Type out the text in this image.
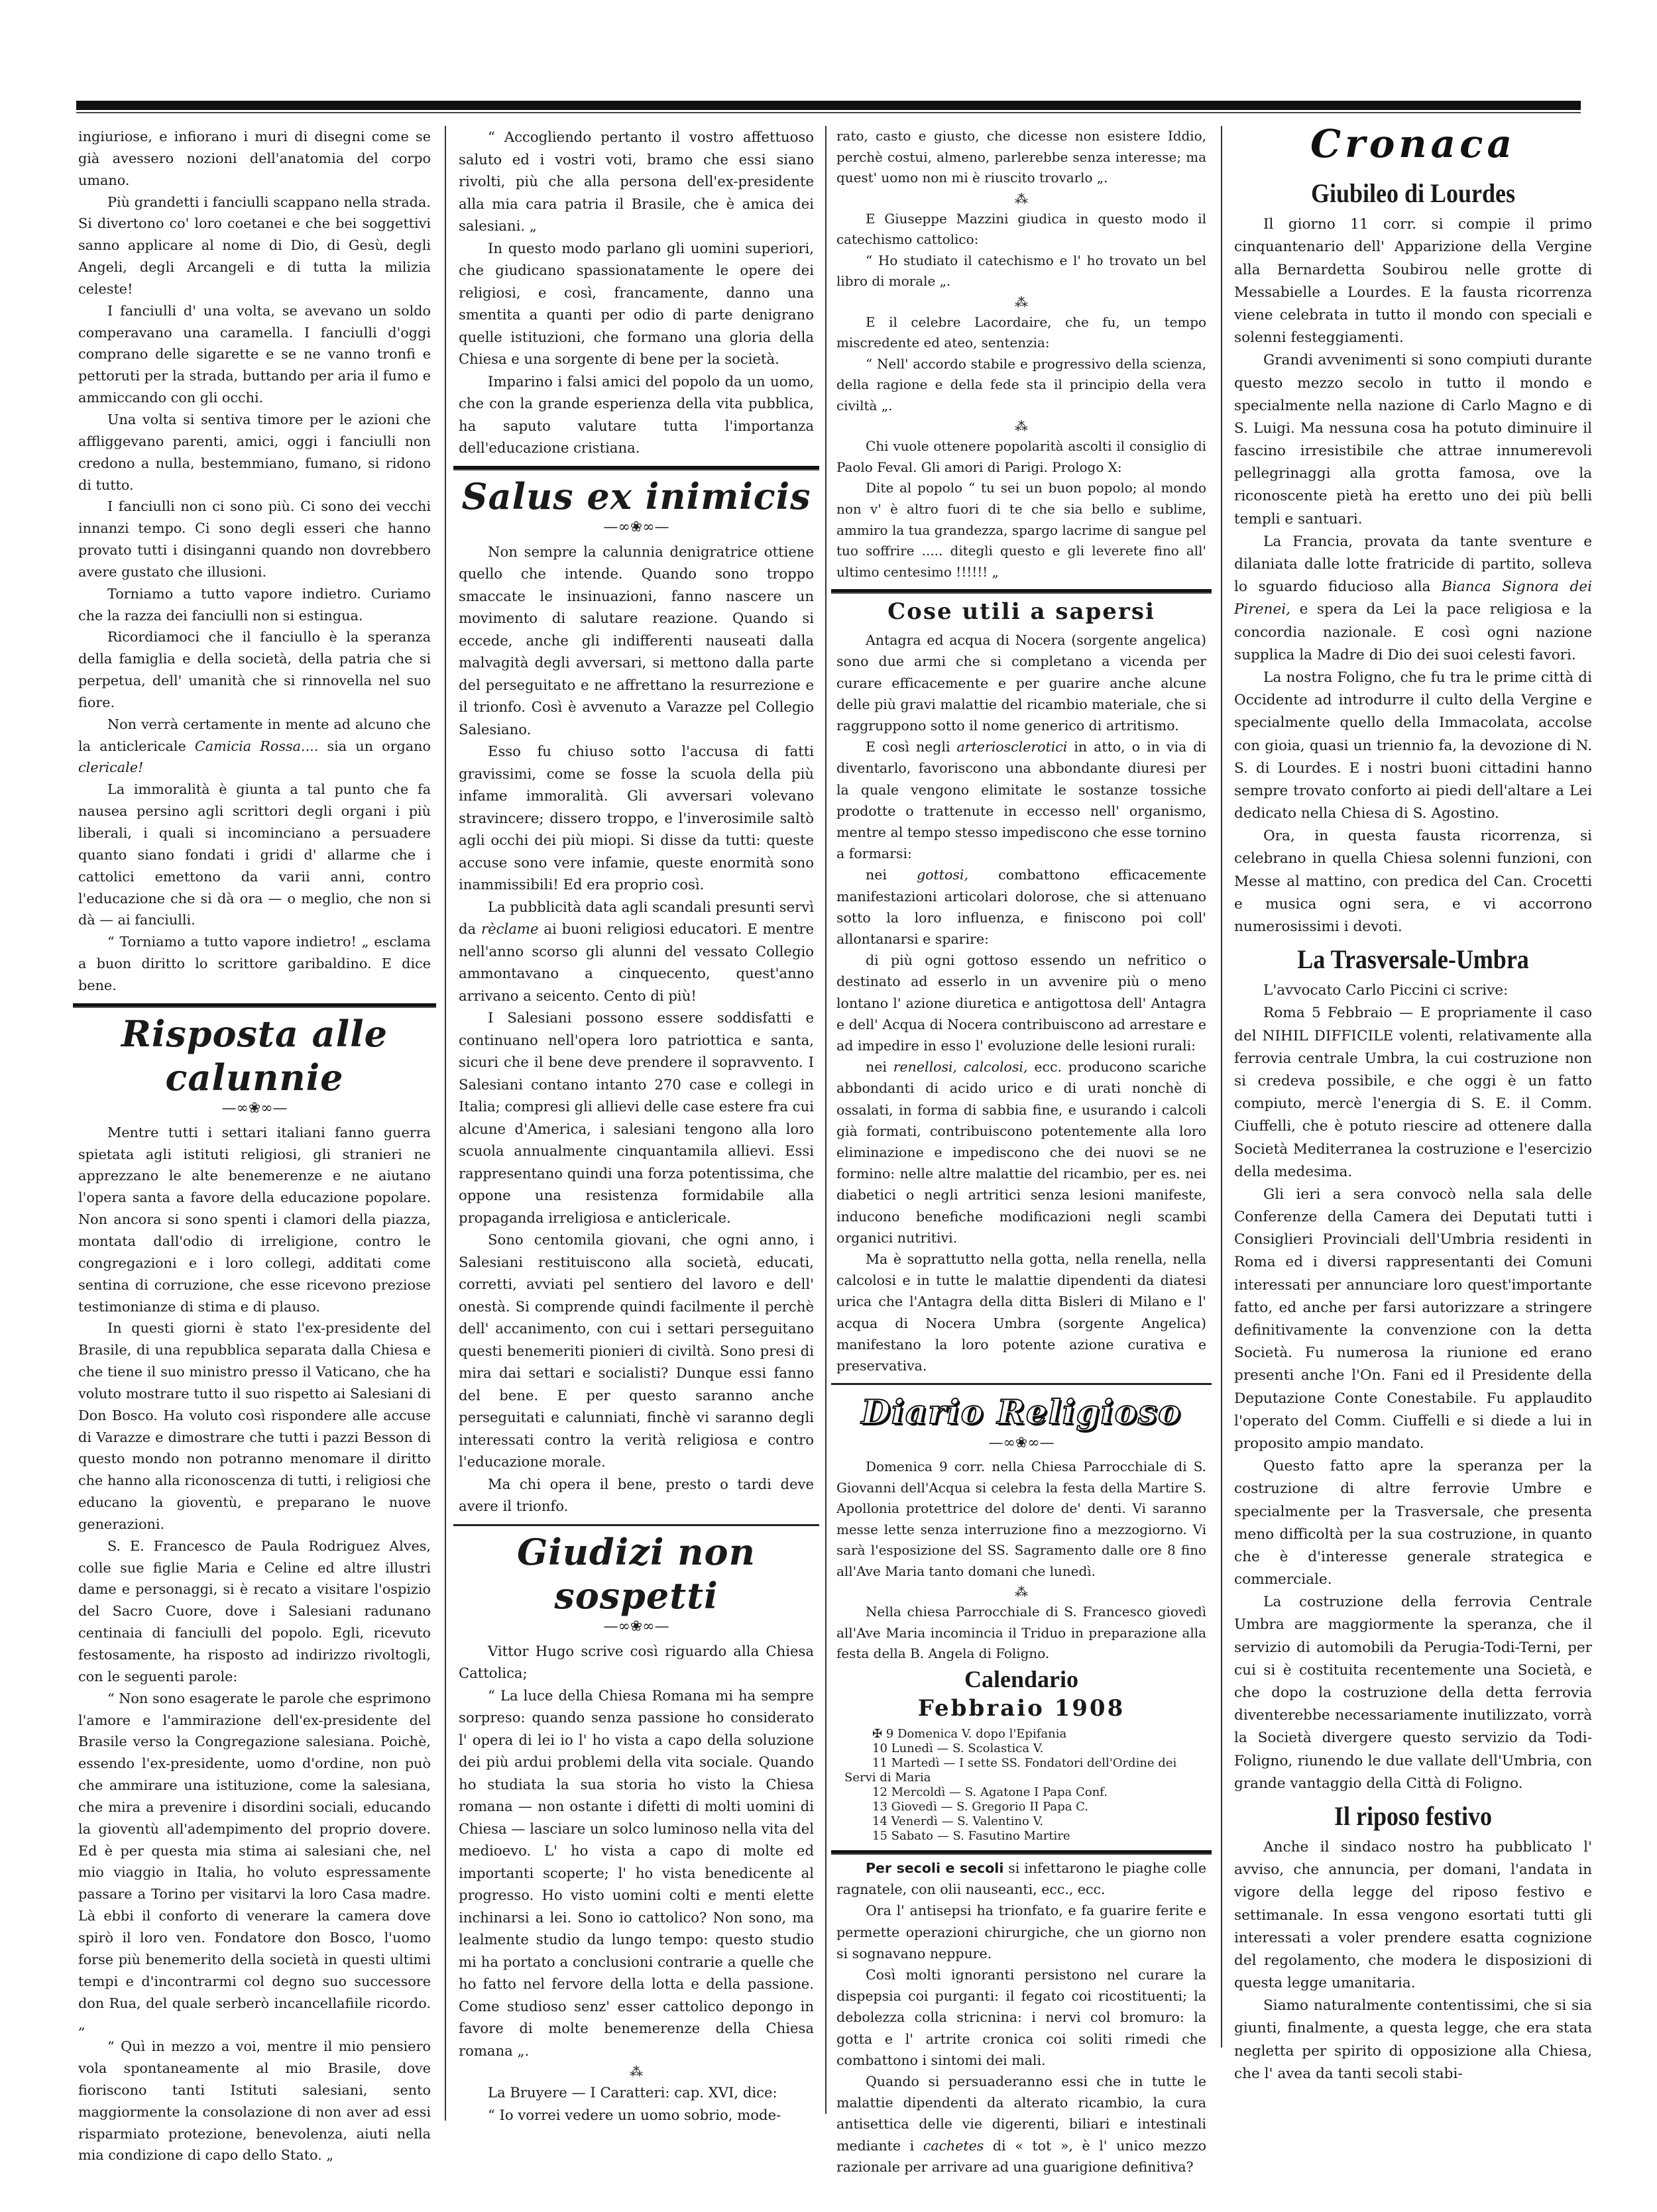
ingiuriose, e infiorano i muri di disegni come se già avessero nozioni dell'anatomia del corpo umano.

Più grandetti i fanciulli scappano nella strada. Si divertono co' loro coetanei e che bei soggettivi sanno applicare al nome di Dio, di Gesù, degli Angeli, degli Arcangeli e di tutta la milizia celeste!

I fanciulli d' una volta, se avevano un soldo comperavano una caramella. I fanciulli d'oggi comprano delle sigarette e se ne vanno tronfi e pettoruti per la strada, buttando per aria il fumo e ammiccando con gli occhi.

Una volta si sentiva timore per le azioni che affliggevano parenti, amici, oggi i fanciulli non credono a nulla, bestemmiano, fumano, si ridono di tutto.

I fanciulli non ci sono più. Ci sono dei vecchi innanzi tempo. Ci sono degli esseri che hanno provato tutti i disinganni quando non dovrebbero avere gustato che illusioni.

Torniamo a tutto vapore indietro. Curiamo che la razza dei fanciulli non si estingua.

Ricordiamoci che il fanciullo è la speranza della famiglia e della società, della patria che si perpetua, dell' umanità che si rinnovella nel suo fiore.

Non verrà certamente in mente ad alcuno che la anticlericale Camicia Rossa.... sia un organo clericale!

La immoralità è giunta a tal punto che fa nausea persino agli scrittori degli organi i più liberali, i quali si incominciano a persuadere quanto siano fondati i gridi d' allarme che i cattolici emettono da varii anni, contro l'educazione che si dà ora — o meglio, che non si dà — ai fanciulli.

“ Torniamo a tutto vapore indietro! „ esclama a buon diritto lo scrittore garibaldino. E dice bene.

Risposta alle calunnie
—∞❀∞—

Mentre tutti i settari italiani fanno guerra spietata agli istituti religiosi, gli stranieri ne apprezzano le alte benemerenze e ne aiutano l'opera santa a favore della educazione popolare. Non ancora si sono spenti i clamori della piazza, montata dall'odio di irreligione, contro le congregazioni e i loro collegi, additati come sentina di corruzione, che esse ricevono preziose testimonianze di stima e di plauso.

In questi giorni è stato l'ex-presidente del Brasile, di una repubblica separata dalla Chiesa e che tiene il suo ministro presso il Vaticano, che ha voluto mostrare tutto il suo rispetto ai Salesiani di Don Bosco. Ha voluto così rispondere alle accuse di Varazze e dimostrare che tutti i pazzi Besson di questo mondo non potranno menomare il diritto che hanno alla riconoscenza di tutti, i religiosi che educano la gioventù, e preparano le nuove generazioni.

S. E. Francesco de Paula Rodriguez Alves, colle sue figlie Maria e Celine ed altre illustri dame e personaggi, si è recato a visitare l'ospizio del Sacro Cuore, dove i Salesiani radunano centinaia di fanciulli del popolo. Egli, ricevuto festosamente, ha risposto ad indirizzo rivoltogli, con le seguenti parole:

“ Non sono esagerate le parole che esprimono l'amore e l'ammirazione dell'ex-presidente del Brasile verso la Congregazione salesiana. Poichè, essendo l'ex-presidente, uomo d'ordine, non può che ammirare una istituzione, come la salesiana, che mira a prevenire i disordini sociali, educando la gioventù all'adempimento del proprio dovere. Ed è per questa mia stima ai salesiani che, nel mio viaggio in Italia, ho voluto espressamente passare a Torino per visitarvi la loro Casa madre. Là ebbi il conforto di venerare la camera dove spirò il loro ven. Fondatore don Bosco, l'uomo forse più benemerito della società in questi ultimi tempi e d'incontrarmi col degno suo successore don Rua, del quale serberò incancellafiile ricordo. „

“ Quì in mezzo a voi, mentre il mio pensiero vola spontaneamente al mio Brasile, dove fioriscono tanti Istituti salesiani, sento maggiormente la consolazione di non aver ad essi risparmiato protezione, benevolenza, aiuti nella mia condizione di capo dello Stato. „

“ Accogliendo pertanto il vostro affettuoso saluto ed i vostri voti, bramo che essi siano rivolti, più che alla persona dell'ex-presidente alla mia cara patria il Brasile, che è amica dei salesiani. „

In questo modo parlano gli uomini superiori, che giudicano spassionatamente le opere dei religiosi, e così, francamente, danno una smentita a quanti per odio di parte denigrano quelle istituzioni, che formano una gloria della Chiesa e una sorgente di bene per la società.

Imparino i falsi amici del popolo da un uomo, che con la grande esperienza della vita pubblica, ha saputo valutare tutta l'importanza dell'educazione cristiana.

Salus ex inimicis
—∞❀∞—

Non sempre la calunnia denigratrice ottiene quello che intende. Quando sono troppo smaccate le insinuazioni, fanno nascere un movimento di salutare reazione. Quando si eccede, anche gli indifferenti nauseati dalla malvagità degli avversari, si mettono dalla parte del perseguitato e ne affrettano la resurrezione e il trionfo. Così è avvenuto a Varazze pel Collegio Salesiano.

Esso fu chiuso sotto l'accusa di fatti gravissimi, come se fosse la scuola della più infame immoralità. Gli avversari volevano stravincere; dissero troppo, e l'inverosimile saltò agli occhi dei più miopi. Si disse da tutti: queste accuse sono vere infamie, queste enormità sono inammissibili! Ed era proprio così.

La pubblicità data agli scandali presunti servì da rèclame ai buoni religiosi educatori. E mentre nell'anno scorso gli alunni del vessato Collegio ammontavano a cinquecento, quest'anno arrivano a seicento. Cento di più!

I Salesiani possono essere soddisfatti e continuano nell'opera loro patriottica e santa, sicuri che il bene deve prendere il sopravvento. I Salesiani contano intanto 270 case e collegi in Italia; compresi gli allievi delle case estere fra cui alcune d'America, i salesiani tengono alla loro scuola annualmente cinquantamila allievi. Essi rappresentano quindi una forza potentissima, che oppone una resistenza formidabile alla propaganda irreligiosa e anticlericale.

Sono centomila giovani, che ogni anno, i Salesiani restituiscono alla società, educati, corretti, avviati pel sentiero del lavoro e dell' onestà. Si comprende quindi facilmente il perchè dell' accanimento, con cui i settari perseguitano questi benemeriti pionieri di civiltà. Sono presi di mira dai settari e socialisti? Dunque essi fanno del bene. E per questo saranno anche perseguitati e calunniati, finchè vi saranno degli interessati contro la verità religiosa e contro l'educazione morale.

Ma chi opera il bene, presto o tardi deve avere il trionfo.

Giudizi non sospetti
—∞❀∞—

Vittor Hugo scrive così riguardo alla Chiesa Cattolica;

“ La luce della Chiesa Romana mi ha sempre sorpreso: quando senza passione ho considerato l' opera di lei io l' ho vista a capo della soluzione dei più ardui problemi della vita sociale. Quando ho studiata la sua storia ho visto la Chiesa romana — non ostante i difetti di molti uomini di Chiesa — lasciare un solco luminoso nella vita del medioevo. L' ho vista a capo di molte ed importanti scoperte; l' ho vista benedicente al progresso. Ho visto uomini colti e menti elette inchinarsi a lei. Sono io cattolico? Non sono, ma lealmente studio da lungo tempo: questo studio mi ha portato a conclusioni contrarie a quelle che ho fatto nel fervore della lotta e della passione. Come studioso senz' esser cattolico depongo in favore di molte benemerenze della Chiesa romana „.

⁂

La Bruyere — I Caratteri: cap. XVI, dice:

“ Io vorrei vedere un uomo sobrio, mode-

rato, casto e giusto, che dicesse non esistere Iddio, perchè costui, almeno, parlerebbe senza interesse; ma quest' uomo non mi è riuscito trovarlo „.

⁂

E Giuseppe Mazzini giudica in questo modo il catechismo cattolico:

“ Ho studiato il catechismo e l' ho trovato un bel libro di morale „.

⁂

E il celebre Lacordaire, che fu, un tempo miscredente ed ateo, sentenzia:

“ Nell' accordo stabile e progressivo della scienza, della ragione e della fede sta il principio della vera civiltà „.

⁂

Chi vuole ottenere popolarità ascolti il consiglio di Paolo Feval. Gli amori di Parigi. Prologo X:

Dite al popolo “ tu sei un buon popolo; al mondo non v' è altro fuori di te che sia bello e sublime, ammiro la tua grandezza, spargo lacrime di sangue pel tuo soffrire ..... ditegli questo e gli leverete fino all' ultimo centesimo !!!!!! „

Cose utili a sapersi

Antagra ed acqua di Nocera (sorgente angelica) sono due armi che si completano a vicenda per curare efficacemente e per guarire anche alcune delle più gravi malattie del ricambio materiale, che si raggruppono sotto il nome generico di artritismo.

E così negli arteriosclerotici in atto, o in via di diventarlo, favoriscono una abbondante diuresi per la quale vengono elimitate le sostanze tossiche prodotte o trattenute in eccesso nell' organismo, mentre al tempo stesso impediscono che esse tornino a formarsi:

nei gottosi, combattono efficacemente manifestazioni articolari dolorose, che si attenuano sotto la loro influenza, e finiscono poi coll' allontanarsi e sparire:

di più ogni gottoso essendo un nefritico o destinato ad esserlo in un avvenire più o meno lontano l' azione diuretica e antigottosa dell' Antagra e dell' Acqua di Nocera contribuiscono ad arrestare e ad impedire in esso l' evoluzione delle lesioni rurali:

nei renellosi, calcolosi, ecc. producono scariche abbondanti di acido urico e di urati nonchè di ossalati, in forma di sabbia fine, e usurando i calcoli già formati, contribuiscono potentemente alla loro eliminazione e impediscono che dei nuovi se ne formino: nelle altre malattie del ricambio, per es. nei diabetici o negli artritici senza lesioni manifeste, inducono benefiche modificazioni negli scambi organici nutritivi.

Ma è soprattutto nella gotta, nella renella, nella calcolosi e in tutte le malattie dipendenti da diatesi urica che l'Antagra della ditta Bisleri di Milano e l' acqua di Nocera Umbra (sorgente Angelica) manifestano la loro potente azione curativa e preservativa.

Diario Religioso
—∞❀∞—

Domenica 9 corr. nella Chiesa Parrocchiale di S. Giovanni dell'Acqua si celebra la festa della Martire S. Apollonia protettrice del dolore de' denti. Vi saranno messe lette senza interruzione fino a mezzogiorno. Vi sarà l'esposizione del SS. Sagramento dalle ore 8 fino all'Ave Maria tanto domani che lunedì.

⁂

Nella chiesa Parrocchiale di S. Francesco giovedì all'Ave Maria incomincia il Triduo in preparazione alla festa della B. Angela di Foligno.

Calendario
Febbraio 1908
✠ 9 Domenica V. dopo l'Epifania
10 Lunedì — S. Scolastica V.
11 Martedì — I sette SS. Fondatori dell'Ordine dei
Servi di Maria
12 Mercoldì — S. Agatone I Papa Conf.
13 Giovedì — S. Gregorio II Papa C.
14 Venerdì — S. Valentino V.
15 Sabato — S. Fasutino Martire

Per secoli e secoli si infettarono le piaghe colle ragnatele, con olii nauseanti, ecc., ecc.

Ora l' antisepsi ha trionfato, e fa guarire ferite e permette operazioni chirurgiche, che un giorno non si sognavano neppure.

Così molti ignoranti persistono nel curare la dispepsia coi purganti: il fegato coi ricostituenti; la debolezza colla stricnina: i nervi col bromuro: la gotta e l' artrite cronica coi soliti rimedi che combattono i sintomi dei mali.

Quando si persuaderanno essi che in tutte le malattie dipendenti da alterato ricambio, la cura antisettica delle vie digerenti, biliari e intestinali mediante i cachetes di « tot », è l' unico mezzo razionale per arrivare ad una guarigione definitiva?

Cronaca
Giubileo di Lourdes

Il giorno 11 corr. si compie il primo cinquantenario dell' Apparizione della Vergine alla Bernardetta Soubirou nelle grotte di Messabielle a Lourdes. E la fausta ricorrenza viene celebrata in tutto il mondo con speciali e solenni festeggiamenti.

Grandi avvenimenti si sono compiuti durante questo mezzo secolo in tutto il mondo e specialmente nella nazione di Carlo Magno e di S. Luigi. Ma nessuna cosa ha potuto diminuire il fascino irresistibile che attrae innumerevoli pellegrinaggi alla grotta famosa, ove la riconoscente pietà ha eretto uno dei più belli templi e santuari.

La Francia, provata da tante sventure e dilaniata dalle lotte fratricide di partito, solleva lo sguardo fiducioso alla Bianca Signora dei Pirenei, e spera da Lei la pace religiosa e la concordia nazionale. E così ogni nazione supplica la Madre di Dio dei suoi celesti favori.

La nostra Foligno, che fu tra le prime città di Occidente ad introdurre il culto della Vergine e specialmente quello della Immacolata, accolse con gioia, quasi un triennio fa, la devozione di N. S. di Lourdes. E i nostri buoni cittadini hanno sempre trovato conforto ai piedi dell'altare a Lei dedicato nella Chiesa di S. Agostino.

Ora, in questa fausta ricorrenza, si celebrano in quella Chiesa solenni funzioni, con Messe al mattino, con predica del Can. Crocetti e musica ogni sera, e vi accorrono numerosissimi i devoti.

La Trasversale-Umbra

L'avvocato Carlo Piccini ci scrive:

Roma 5 Febbraio — E propriamente il caso del NIHIL DIFFICILE volenti, relativamente alla ferrovia centrale Umbra, la cui costruzione non si credeva possibile, e che oggi è un fatto compiuto, mercè l'energia di S. E. il Comm. Ciuffelli, che è potuto riescire ad ottenere dalla Società Mediterranea la costruzione e l'esercizio della medesima.

Gli ieri a sera convocò nella sala delle Conferenze della Camera dei Deputati tutti i Consiglieri Provinciali dell'Umbria residenti in Roma ed i diversi rappresentanti dei Comuni interessati per annunciare loro quest'importante fatto, ed anche per farsi autorizzare a stringere definitivamente la convenzione con la detta Società. Fu numerosa la riunione ed erano presenti anche l'On. Fani ed il Presidente della Deputazione Conte Conestabile. Fu applaudito l'operato del Comm. Ciuffelli e si diede a lui in proposito ampio mandato.

Questo fatto apre la speranza per la costruzione di altre ferrovie Umbre e specialmente per la Trasversale, che presenta meno difficoltà per la sua costruzione, in quanto che è d'interesse generale strategica e commerciale.

La costruzione della ferrovia Centrale Umbra are maggiormente la speranza, che il servizio di automobili da Perugia-Todi-Terni, per cui si è costituita recentemente una Società, e che dopo la costruzione della detta ferrovia diventerebbe necessariamente inutilizzato, vorrà la Società divergere questo servizio da Todi-Foligno, riunendo le due vallate dell'Umbria, con grande vantaggio della Città di Foligno.

Il riposo festivo

Anche il sindaco nostro ha pubblicato l' avviso, che annuncia, per domani, l'andata in vigore della legge del riposo festivo e settimanale. In essa vengono esortati tutti gli interessati a voler prendere esatta cognizione del regolamento, che modera le disposizioni di questa legge umanitaria.

Siamo naturalmente contentissimi, che si sia giunti, finalmente, a questa legge, che era stata negletta per spirito di opposizione alla Chiesa, che l' avea da tanti secoli stabi-
